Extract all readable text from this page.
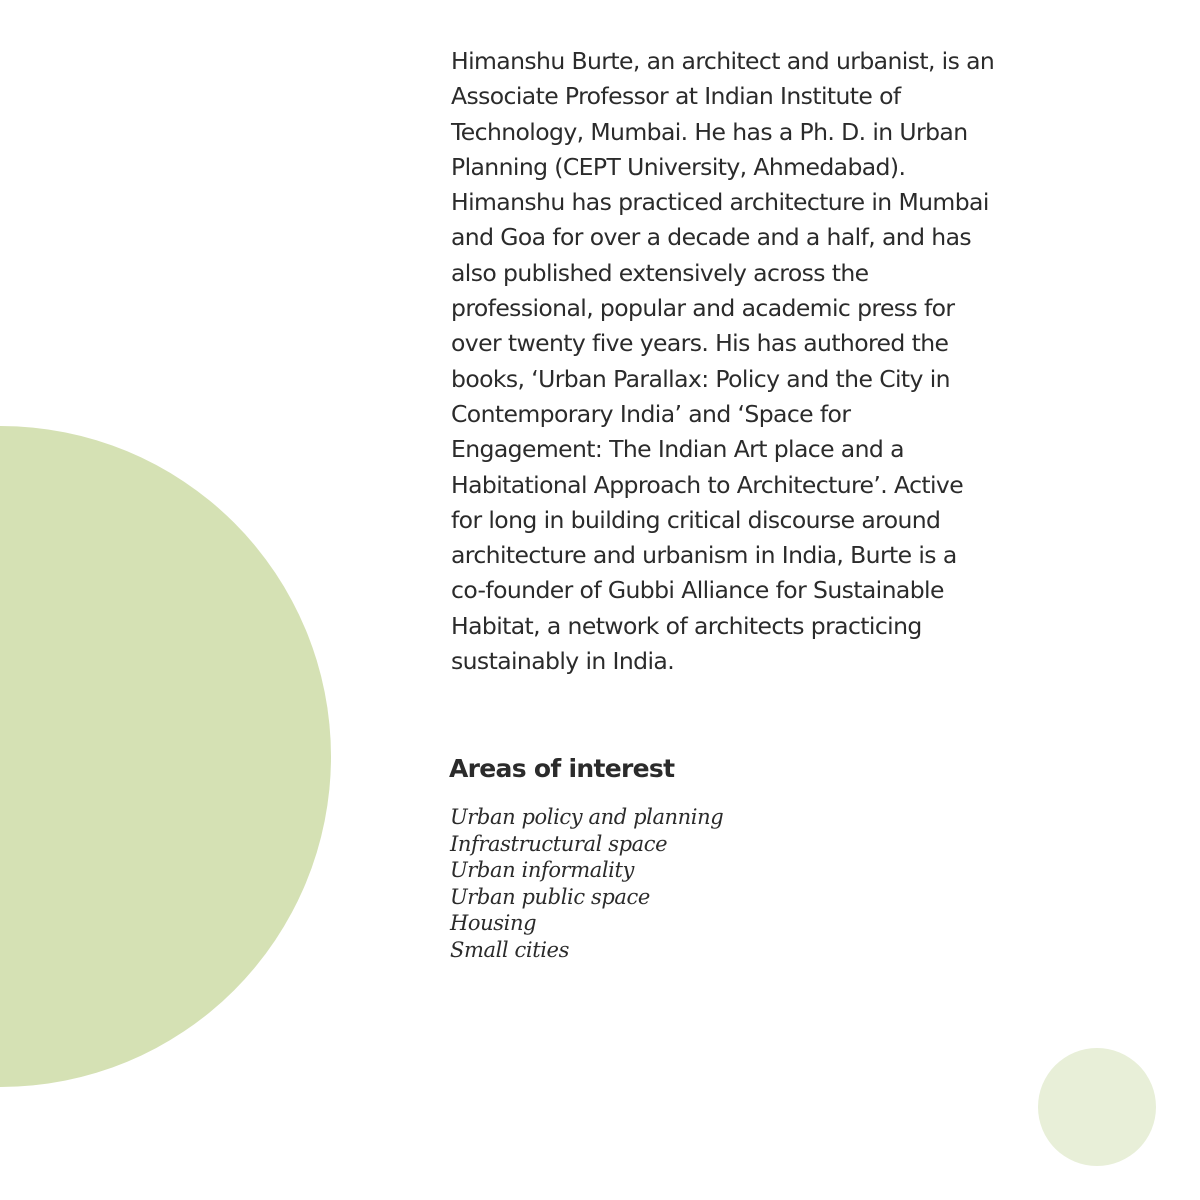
Himanshu Burte, an architect and urbanist, is an
Associate Professor at Indian Institute of
Technology, Mumbai. He has a Ph. D. in Urban
Planning (CEPT University, Ahmedabad).
Himanshu has practiced architecture in Mumbai
and Goa for over a decade and a half, and has
also published extensively across the
professional, popular and academic press for
over twenty five years. His has authored the
books, ‘Urban Parallax: Policy and the City in
Contemporary India’ and ‘Space for
Engagement: The Indian Art place and a
Habitational Approach to Architecture’. Active
for long in building critical discourse around
architecture and urbanism in India, Burte is a
co-founder of Gubbi Alliance for Sustainable
Habitat, a network of architects practicing
sustainably in India.

Areas of interest
Urban policy and planning
Infrastructural space
Urban informality
Urban public space
Housing
Small cities
